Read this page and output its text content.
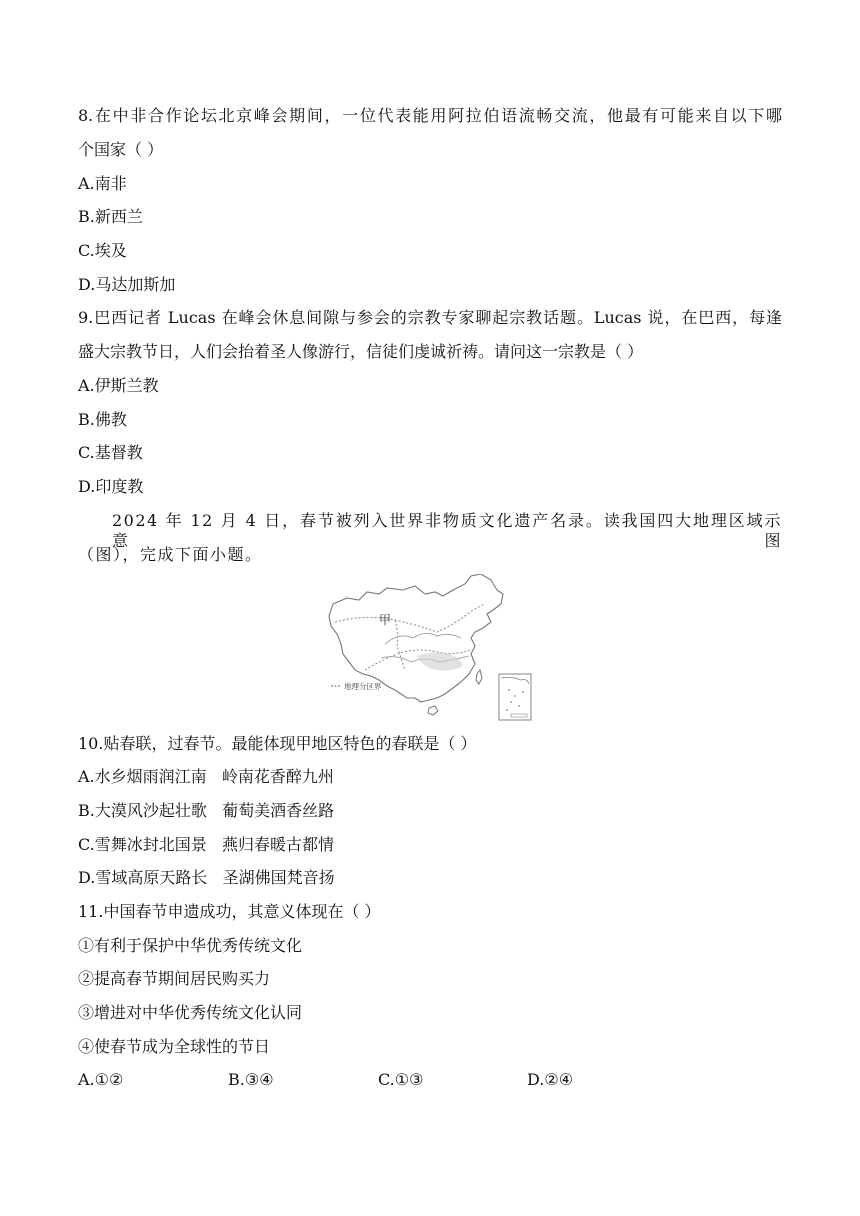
8.在中非合作论坛北京峰会期间，一位代表能用阿拉伯语流畅交流，他最有可能来自以下哪
个国家（ ）
A.南非
B.新西兰
C.埃及
D.马达加斯加
9.巴西记者 Lucas 在峰会休息间隙与参会的宗教专家聊起宗教话题。Lucas 说，在巴西，每逢
盛大宗教节日，人们会抬着圣人像游行，信徒们虔诚祈祷。请问这一宗教是（ ）
A.伊斯兰教
B.佛教
C.基督教
D.印度教
2024 年 12 月 4 日，春节被列入世界非物质文化遗产名录。读我国四大地理区域示意图
（图），完成下面小题。
甲
地理分区界
10.贴春联，过春节。最能体现甲地区特色的春联是（ ）
A.水乡烟雨润江南   岭南花香醉九州
B.大漠风沙起壮歌   葡萄美酒香丝路
C.雪舞冰封北国景   燕归春暖古都情
D.雪域高原天路长   圣湖佛国梵音扬
11.中国春节申遗成功，其意义体现在（ ）
①有利于保护中华优秀传统文化
②提高春节期间居民购买力
③增进对中华优秀传统文化认同
④使春节成为全球性的节日
A.①②	B.③④	C.①③	D.②④
